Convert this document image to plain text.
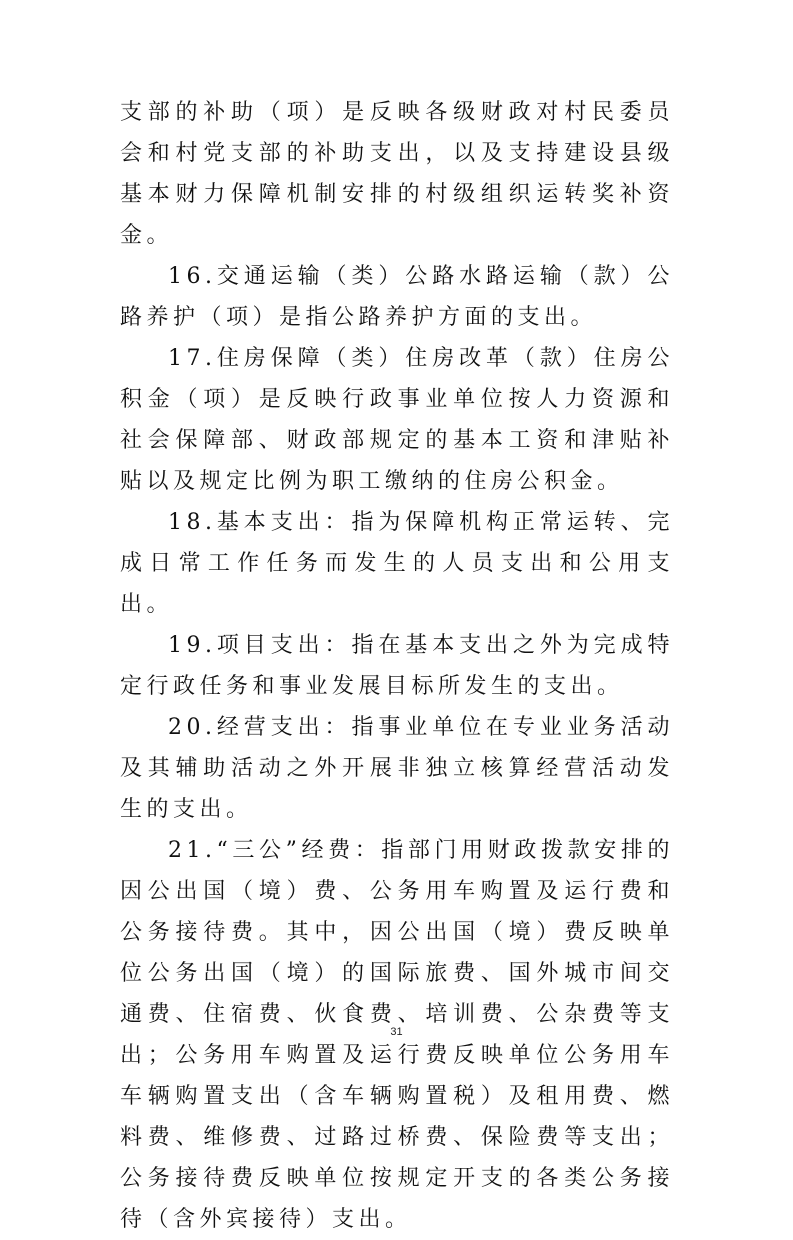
支部的补助（项）是反映各级财政对村民委员会和村党支部的补助支出，以及支持建设县级基本财力保障机制安排的村级组织运转奖补资金。

16.交通运输（类）公路水路运输（款）公路养护（项）是指公路养护方面的支出。

17.住房保障（类）住房改革（款）住房公积金（项）是反映行政事业单位按人力资源和社会保障部、财政部规定的基本工资和津贴补贴以及规定比例为职工缴纳的住房公积金。

18.基本支出：指为保障机构正常运转、完成日常工作任务而发生的人员支出和公用支出。

19.项目支出：指在基本支出之外为完成特定行政任务和事业发展目标所发生的支出。

20.经营支出：指事业单位在专业业务活动及其辅助活动之外开展非独立核算经营活动发生的支出。

21.“三公”经费：指部门用财政拨款安排的因公出国（境）费、公务用车购置及运行费和公务接待费。其中，因公出国（境）费反映单位公务出国（境）的国际旅费、国外城市间交通费、住宿费、伙食费、培训费、公杂费等支出；公务用车购置及运行费反映单位公务用车车辆购置支出（含车辆购置税）及租用费、燃料费、维修费、过路过桥费、保险费等支出；公务接待费反映单位按规定开支的各类公务接待（含外宾接待）支出。

31
